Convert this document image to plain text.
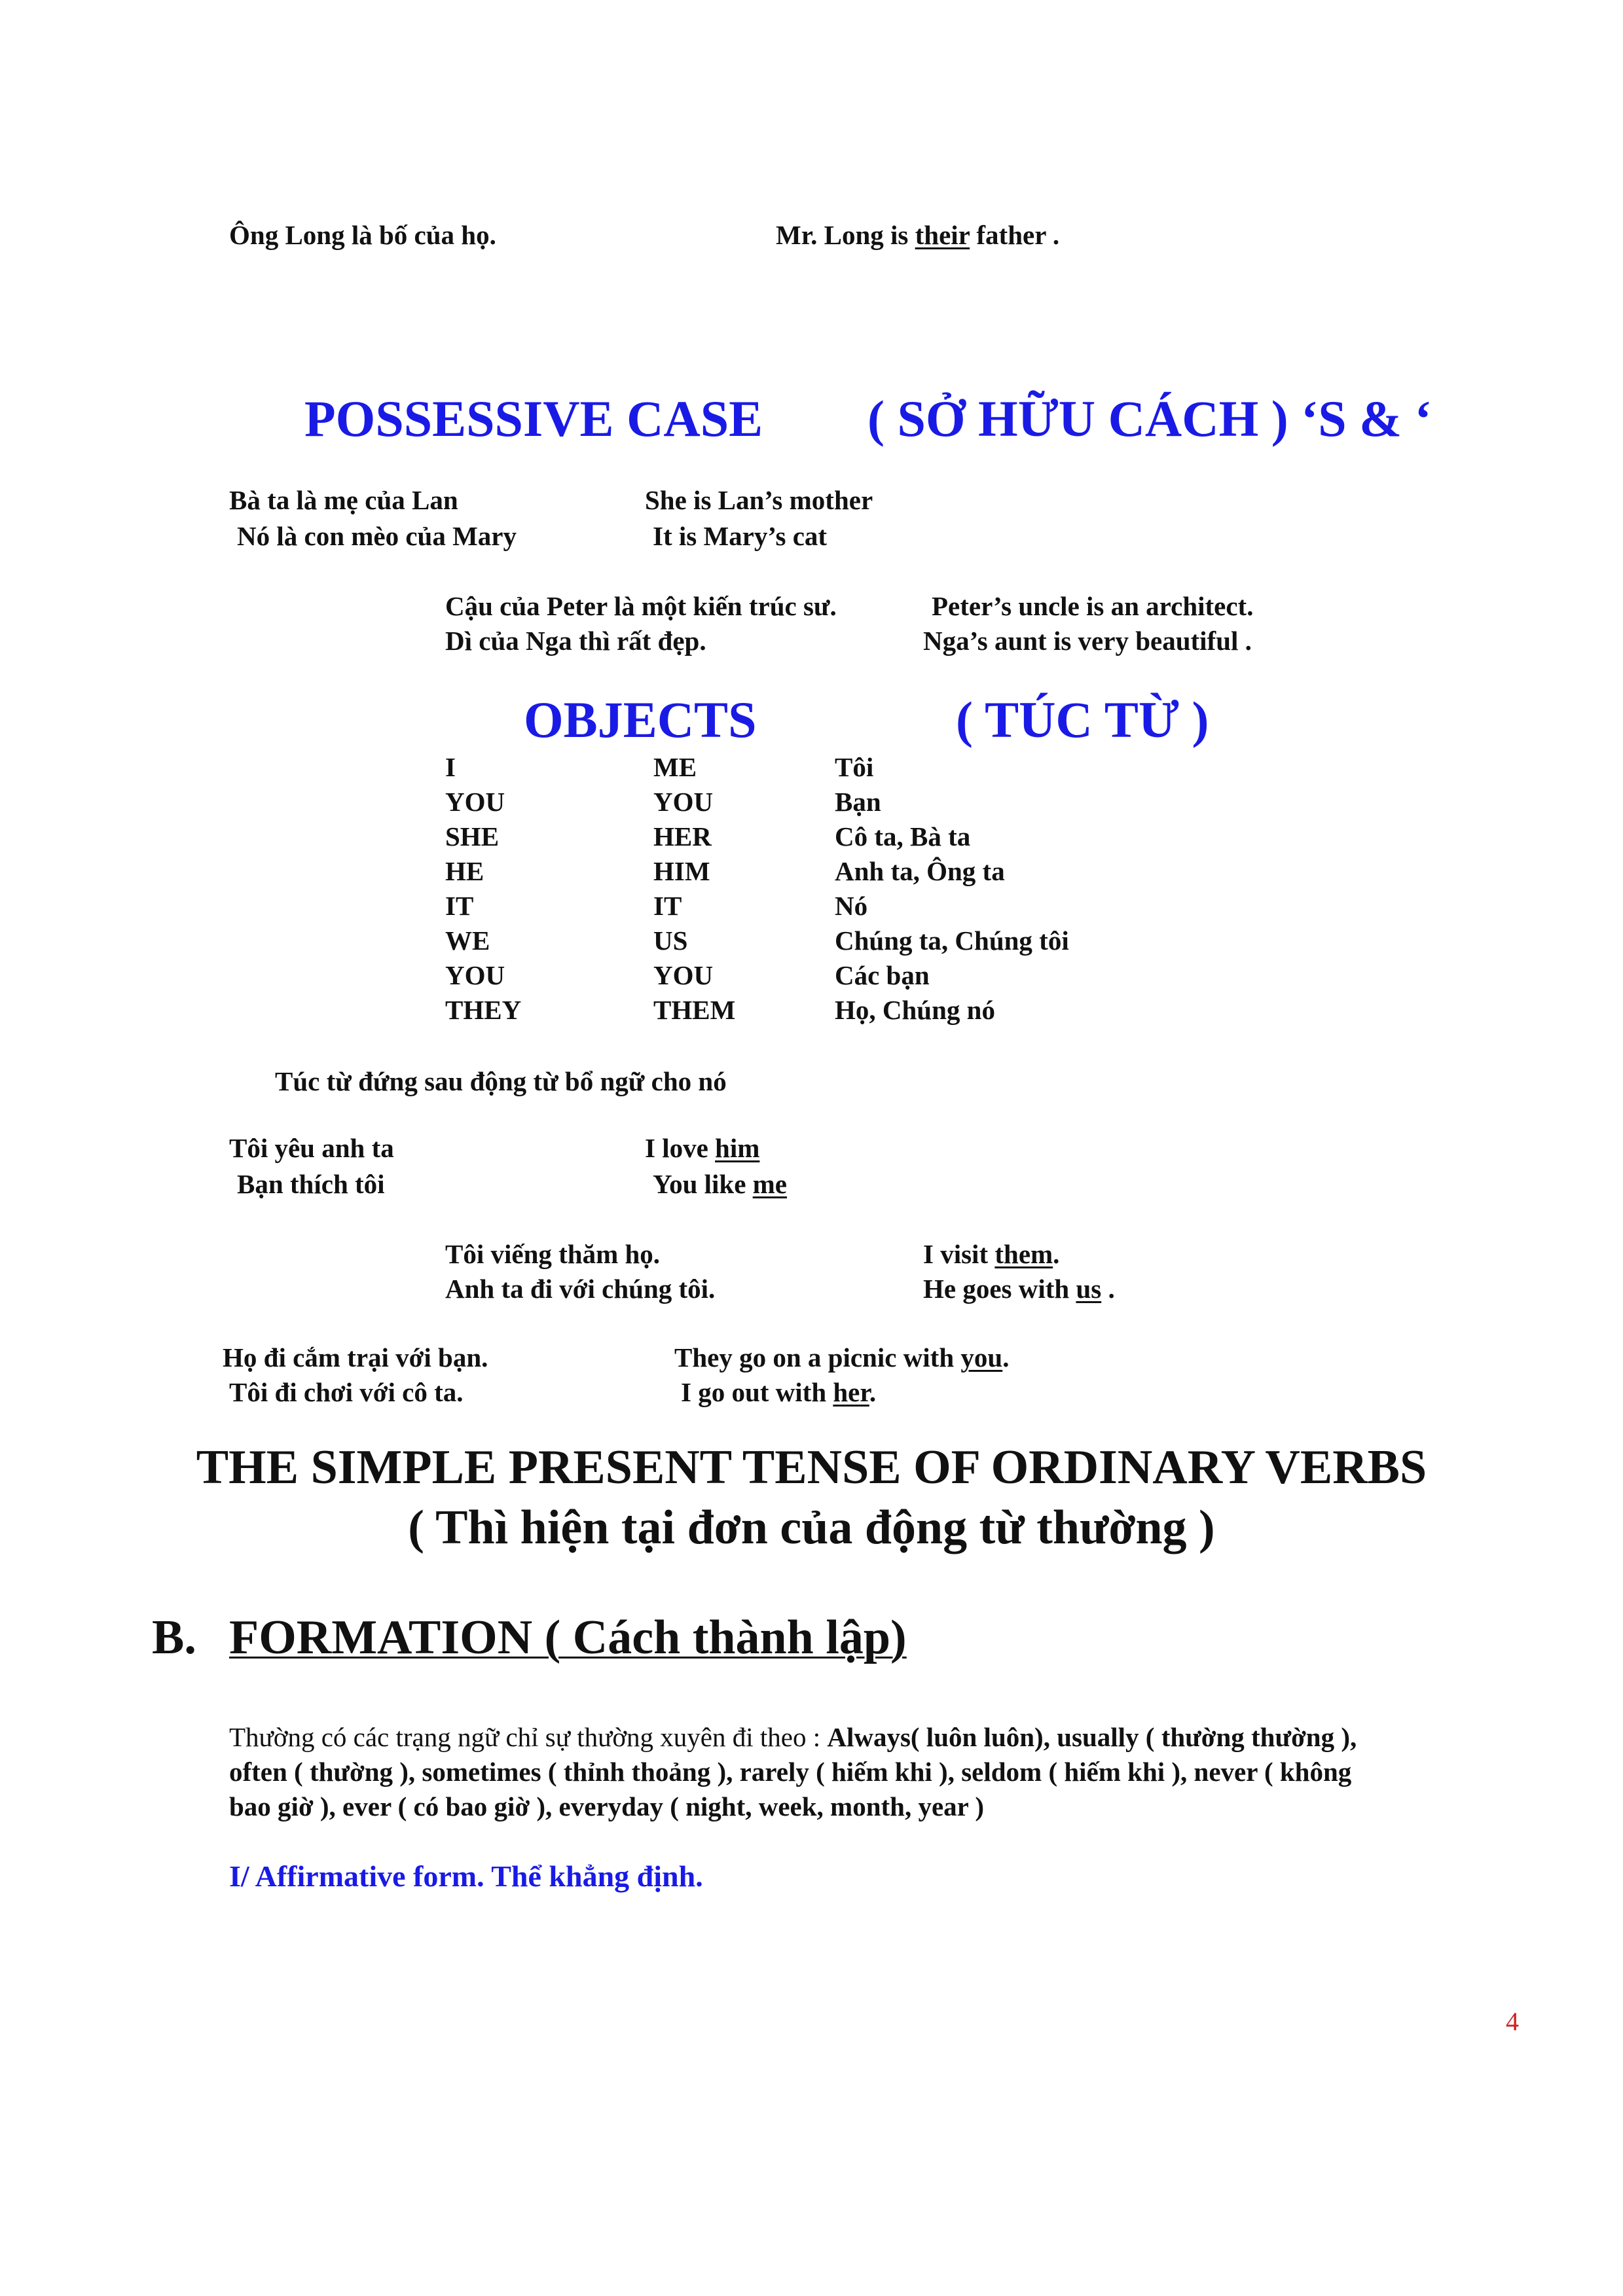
Ông Long là bố của họ.	Mr. Long is their father .
POSSESSIVE CASE ( SỞ HỮU CÁCH ) ‘S & ‘
Bà ta là mẹ của Lan	She is Lan’s mother
Nó là con mèo của Mary	It is Mary’s cat
Cậu của Peter là một kiến trúc sư.	Peter’s uncle is an architect.
Dì của Nga thì rất đẹp.	Nga’s aunt is very beautiful .
OBJECTS	( TÚC TỪ )
I	ME	Tôi
YOU	YOU	Bạn
SHE	HER	Cô ta, Bà ta
HE	HIM	Anh ta, Ông ta
IT	IT	Nó
WE	US	Chúng ta, Chúng tôi
YOU	YOU	Các bạn
THEY	THEM	Họ, Chúng nó
Túc từ đứng sau động từ bổ ngữ cho nó
Tôi yêu anh ta	I love him
Bạn thích tôi	You like me
Tôi viếng thăm họ.	I visit them.
Anh ta đi với chúng tôi.	He goes with us .
Họ đi cắm trại với bạn.	They go on a picnic with you.
Tôi đi chơi với cô ta.	I go out with her.
THE SIMPLE PRESENT TENSE OF ORDINARY VERBS
( Thì hiện tại đơn của động từ thường )
B. FORMATION ( Cách thành lập)
Thường có các trạng ngữ chỉ sự thường xuyên đi theo : Always( luôn luôn), usually ( thường thường ),
often ( thường ), sometimes ( thỉnh thoảng ), rarely ( hiếm khi ), seldom ( hiếm khi ), never ( không
bao giờ ), ever ( có bao giờ ), everyday ( night, week, month, year )
I/ Affirmative form. Thể khẳng định.
4
